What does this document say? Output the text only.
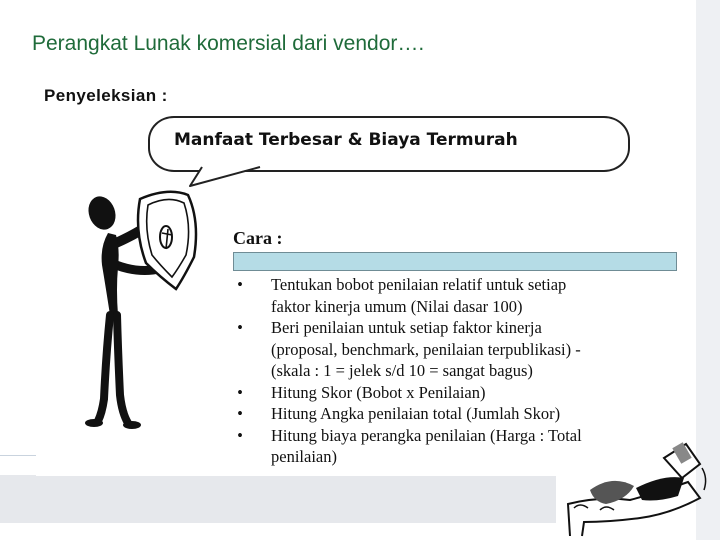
Perangkat Lunak komersial dari vendor….
Penyeleksian :
Manfaat Terbesar & Biaya Termurah
Cara :
• Tentukan bobot penilaian relatif untuk setiap
faktor kinerja umum (Nilai dasar 100)
• Beri penilaian untuk setiap faktor kinerja
(proposal, benchmark, penilaian terpublikasi) -
(skala : 1 = jelek s/d 10 = sangat bagus)
• Hitung Skor (Bobot x Penilaian)
• Hitung Angka penilaian total (Jumlah Skor)
• Hitung biaya perangka penilaian (Harga : Total
penilaian)
